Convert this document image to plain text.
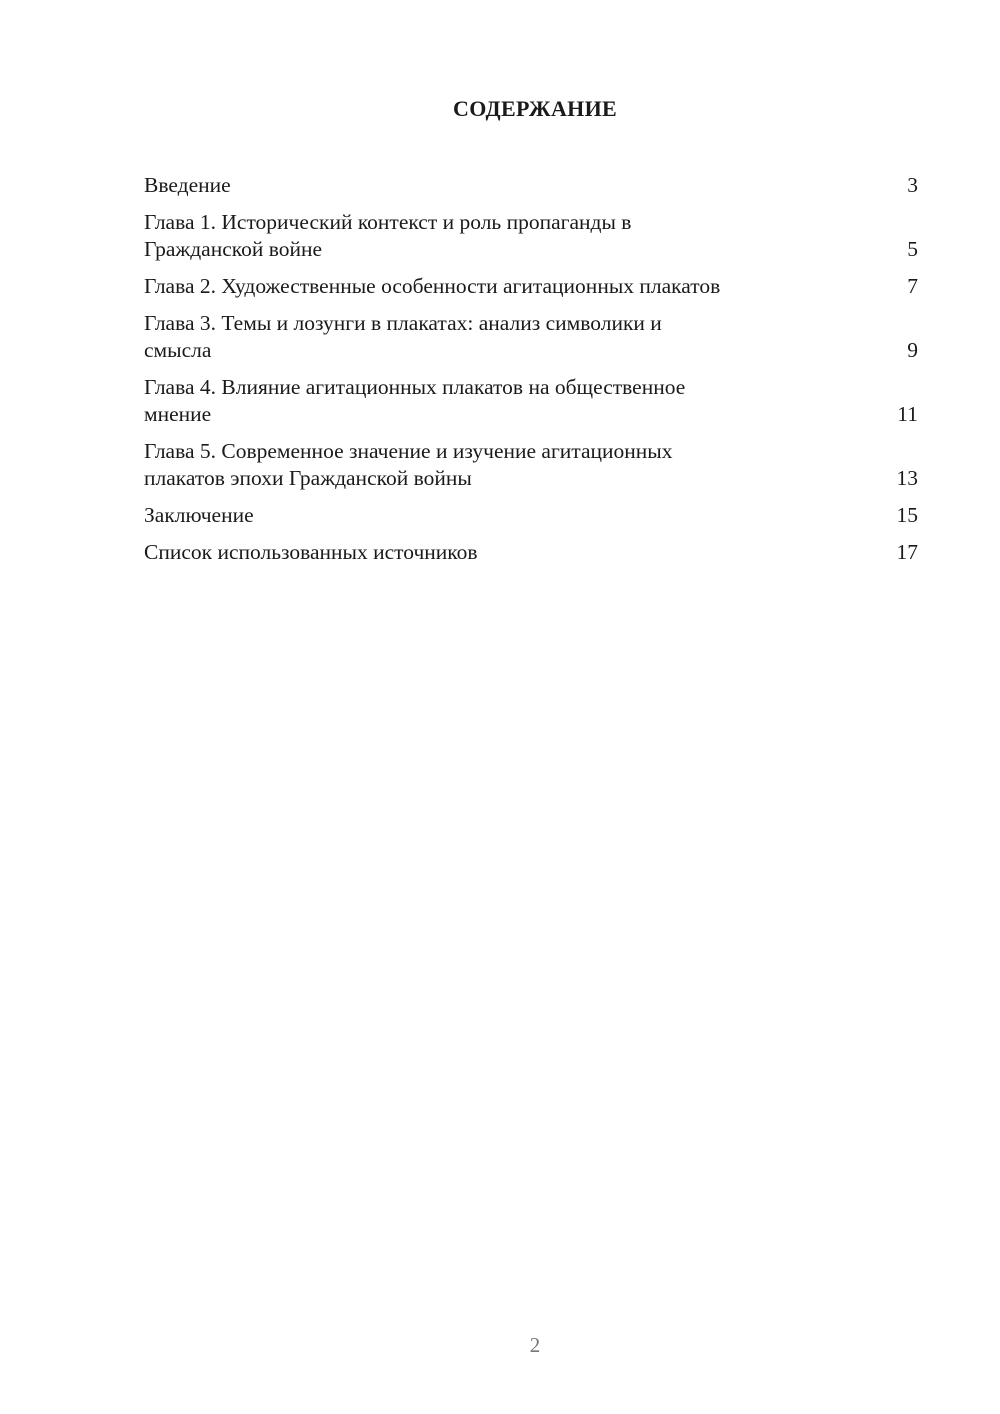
СОДЕРЖАНИЕ
Введение	3
Глава 1. Исторический контекст и роль пропаганды в
Гражданской войне	5
Глава 2. Художественные особенности агитационных плакатов	7
Глава 3. Темы и лозунги в плакатах: анализ символики и
смысла	9
Глава 4. Влияние агитационных плакатов на общественное
мнение	11
Глава 5. Современное значение и изучение агитационных
плакатов эпохи Гражданской войны	13
Заключение	15
Список использованных источников	17
2
